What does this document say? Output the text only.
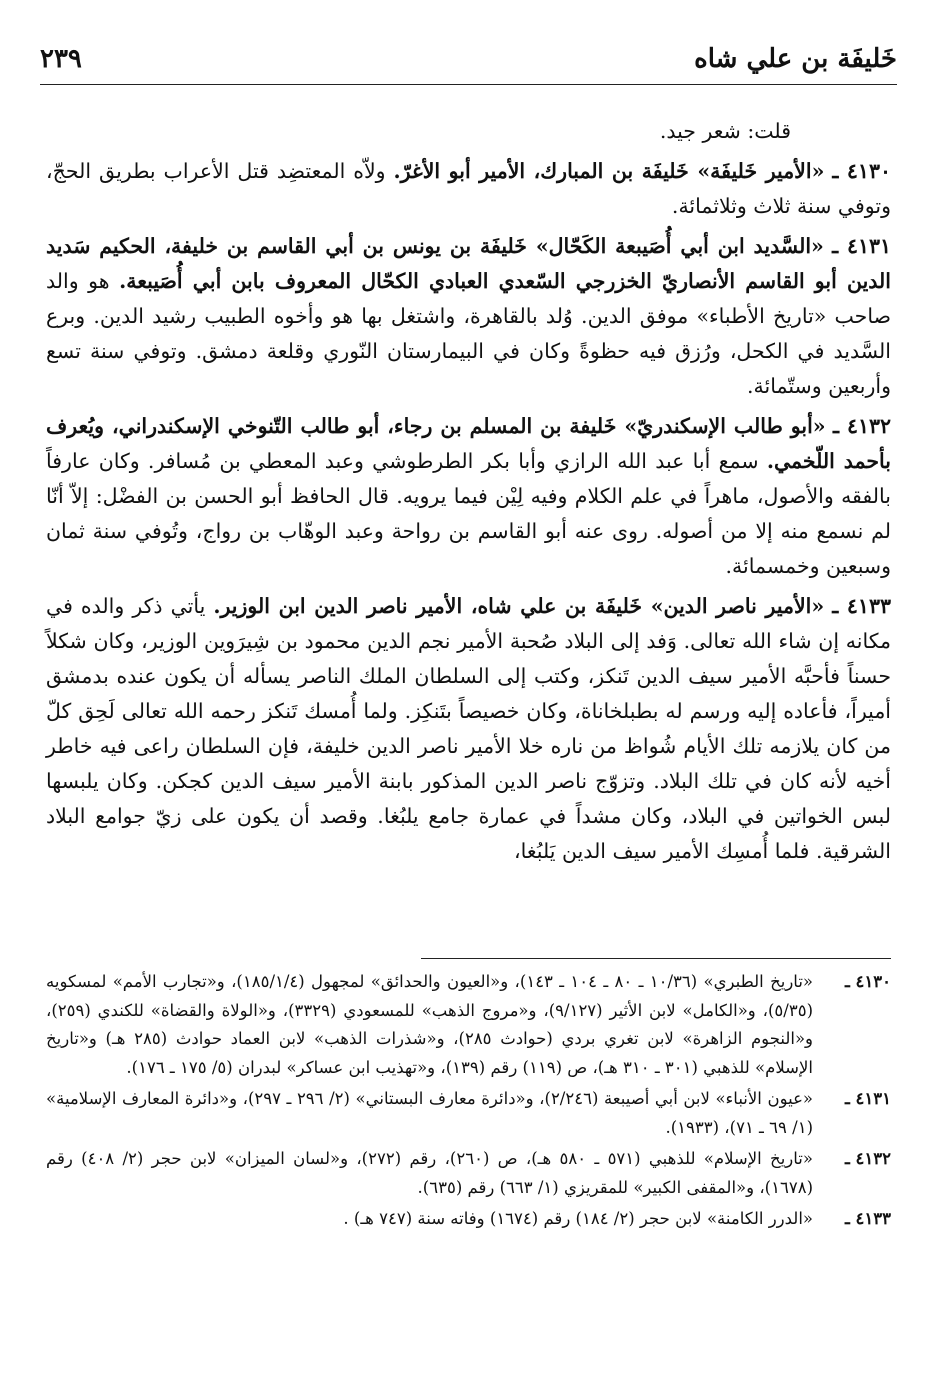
خَليفَة بن علي شاه
٢٣٩

قلت: شعر جيد.

٤١٣٠ ـ «الأمير خَليفَة» خَليفَة بن المبارك، الأمير أبو الأغرّ. ولاّه المعتضِد قتل الأعراب بطريق الحجّ، وتوفي سنة ثلاث وثلاثمائة.

٤١٣١ ـ «السَّديد ابن أبي أُصَيبعة الكَحّال» خَليفَة بن يونس بن أبي القاسم بن خليفة، الحكيم سَديد الدين أبو القاسم الأنصاريّ الخزرجي السّعدي العبادي الكحّال المعروف بابن أبي أُصَيبعة. هو والد صاحب «تاريخ الأطباء» موفق الدين. وُلد بالقاهرة، واشتغل بها هو وأخوه الطبيب رشيد الدين. وبرع السَّديد في الكحل، ورُزق فيه حظوةً وكان في البيمارستان النّوري وقلعة دمشق. وتوفي سنة تسع وأربعين وستّمائة.

٤١٣٢ ـ «أبو طالب الإسكندريّ» خَليفة بن المسلم بن رجاء، أبو طالب التّنوخي الإسكندراني، ويُعرف بأحمد اللّخمي. سمع أبا عبد الله الرازي وأبا بكر الطرطوشي وعبد المعطي بن مُسافر. وكان عارفاً بالفقه والأصول، ماهراً في علم الكلام وفيه لِيْن فيما يرويه. قال الحافظ أبو الحسن بن الفضْل: إلاّ أنّا لم نسمع منه إلا من أصوله. روى عنه أبو القاسم بن رواحة وعبد الوهّاب بن رواج، وتُوفي سنة ثمان وسبعين وخمسمائة.

٤١٣٣ ـ «الأمير ناصر الدين» خَليفَة بن علي شاه، الأمير ناصر الدين ابن الوزير. يأتي ذكر والده في مكانه إن شاء الله تعالى. وَفد إلى البلاد صُحبة الأمير نجم الدين محمود بن شِيرَوين الوزير، وكان شكلاً حسناً فأحبَّه الأمير سيف الدين تَنكز، وكتب إلى السلطان الملك الناصر يسأله أن يكون عنده بدمشق أميراً، فأعاده إليه ورسم له بطبلخاناة، وكان خصيصاً بتَنكِز. ولما أُمسك تَنكز رحمه الله تعالى لَحِق كلّ من كان يلازمه تلك الأيام شُواظ من ناره خلا الأمير ناصر الدين خليفة، فإن السلطان راعى فيه خاطر أخيه لأنه كان في تلك البلاد. وتزوّج ناصر الدين المذكور بابنة الأمير سيف الدين كجكن. وكان يلبسها لبس الخواتين في البلاد، وكان مشداً في عمارة جامع يلبُغا. وقصد أن يكون على زيّ جوامع البلاد الشرقية. فلما أُمسِك الأمير سيف الدين يَلبُغا،

٤١٣٠ ـ
«تاريخ الطبري» (١٠/٣٦ ـ ٨٠ ـ ١٠٤ ـ ١٤٣)، و«العيون والحدائق» لمجهول (١٨٥/١/٤)، و«تجارب الأمم» لمسكويه (٥/٣٥)، و«الكامل» لابن الأثير (٩/١٢٧)، و«مروج الذهب» للمسعودي (٣٣٢٩)، و«الولاة والقضاة» للكندي (٢٥٩)، و«النجوم الزاهرة» لابن تغري بردي (حوادث ٢٨٥)، و«شذرات الذهب» لابن العماد حوادث (٢٨٥ هـ) و«تاريخ الإسلام» للذهبي (٣٠١ ـ ٣١٠ هـ)، ص (١١٩) رقم (١٣٩)، و«تهذيب ابن عساكر» لبدران (٥/ ١٧٥ ـ ١٧٦).
٤١٣١ ـ
«عيون الأنباء» لابن أبي أصيبعة (٢/٢٤٦)، و«دائرة معارف البستاني» (٢/ ٢٩٦ ـ ٢٩٧)، و«دائرة المعارف الإسلامية» (١/ ٦٩ ـ ٧١)، (١٩٣٣).
٤١٣٢ ـ
«تاريخ الإسلام» للذهبي (٥٧١ ـ ٥٨٠ هـ)، ص (٢٦٠)، رقم (٢٧٢)، و«لسان الميزان» لابن حجر (٢/ ٤٠٨) رقم (١٦٧٨)، و«المقفى الكبير» للمقريزي (١/ ٦٦٣) رقم (٦٣٥).
٤١٣٣ ـ
«الدرر الكامنة» لابن حجر (٢/ ١٨٤) رقم (١٦٧٤) وفاته سنة (٧٤٧ هـ) .
